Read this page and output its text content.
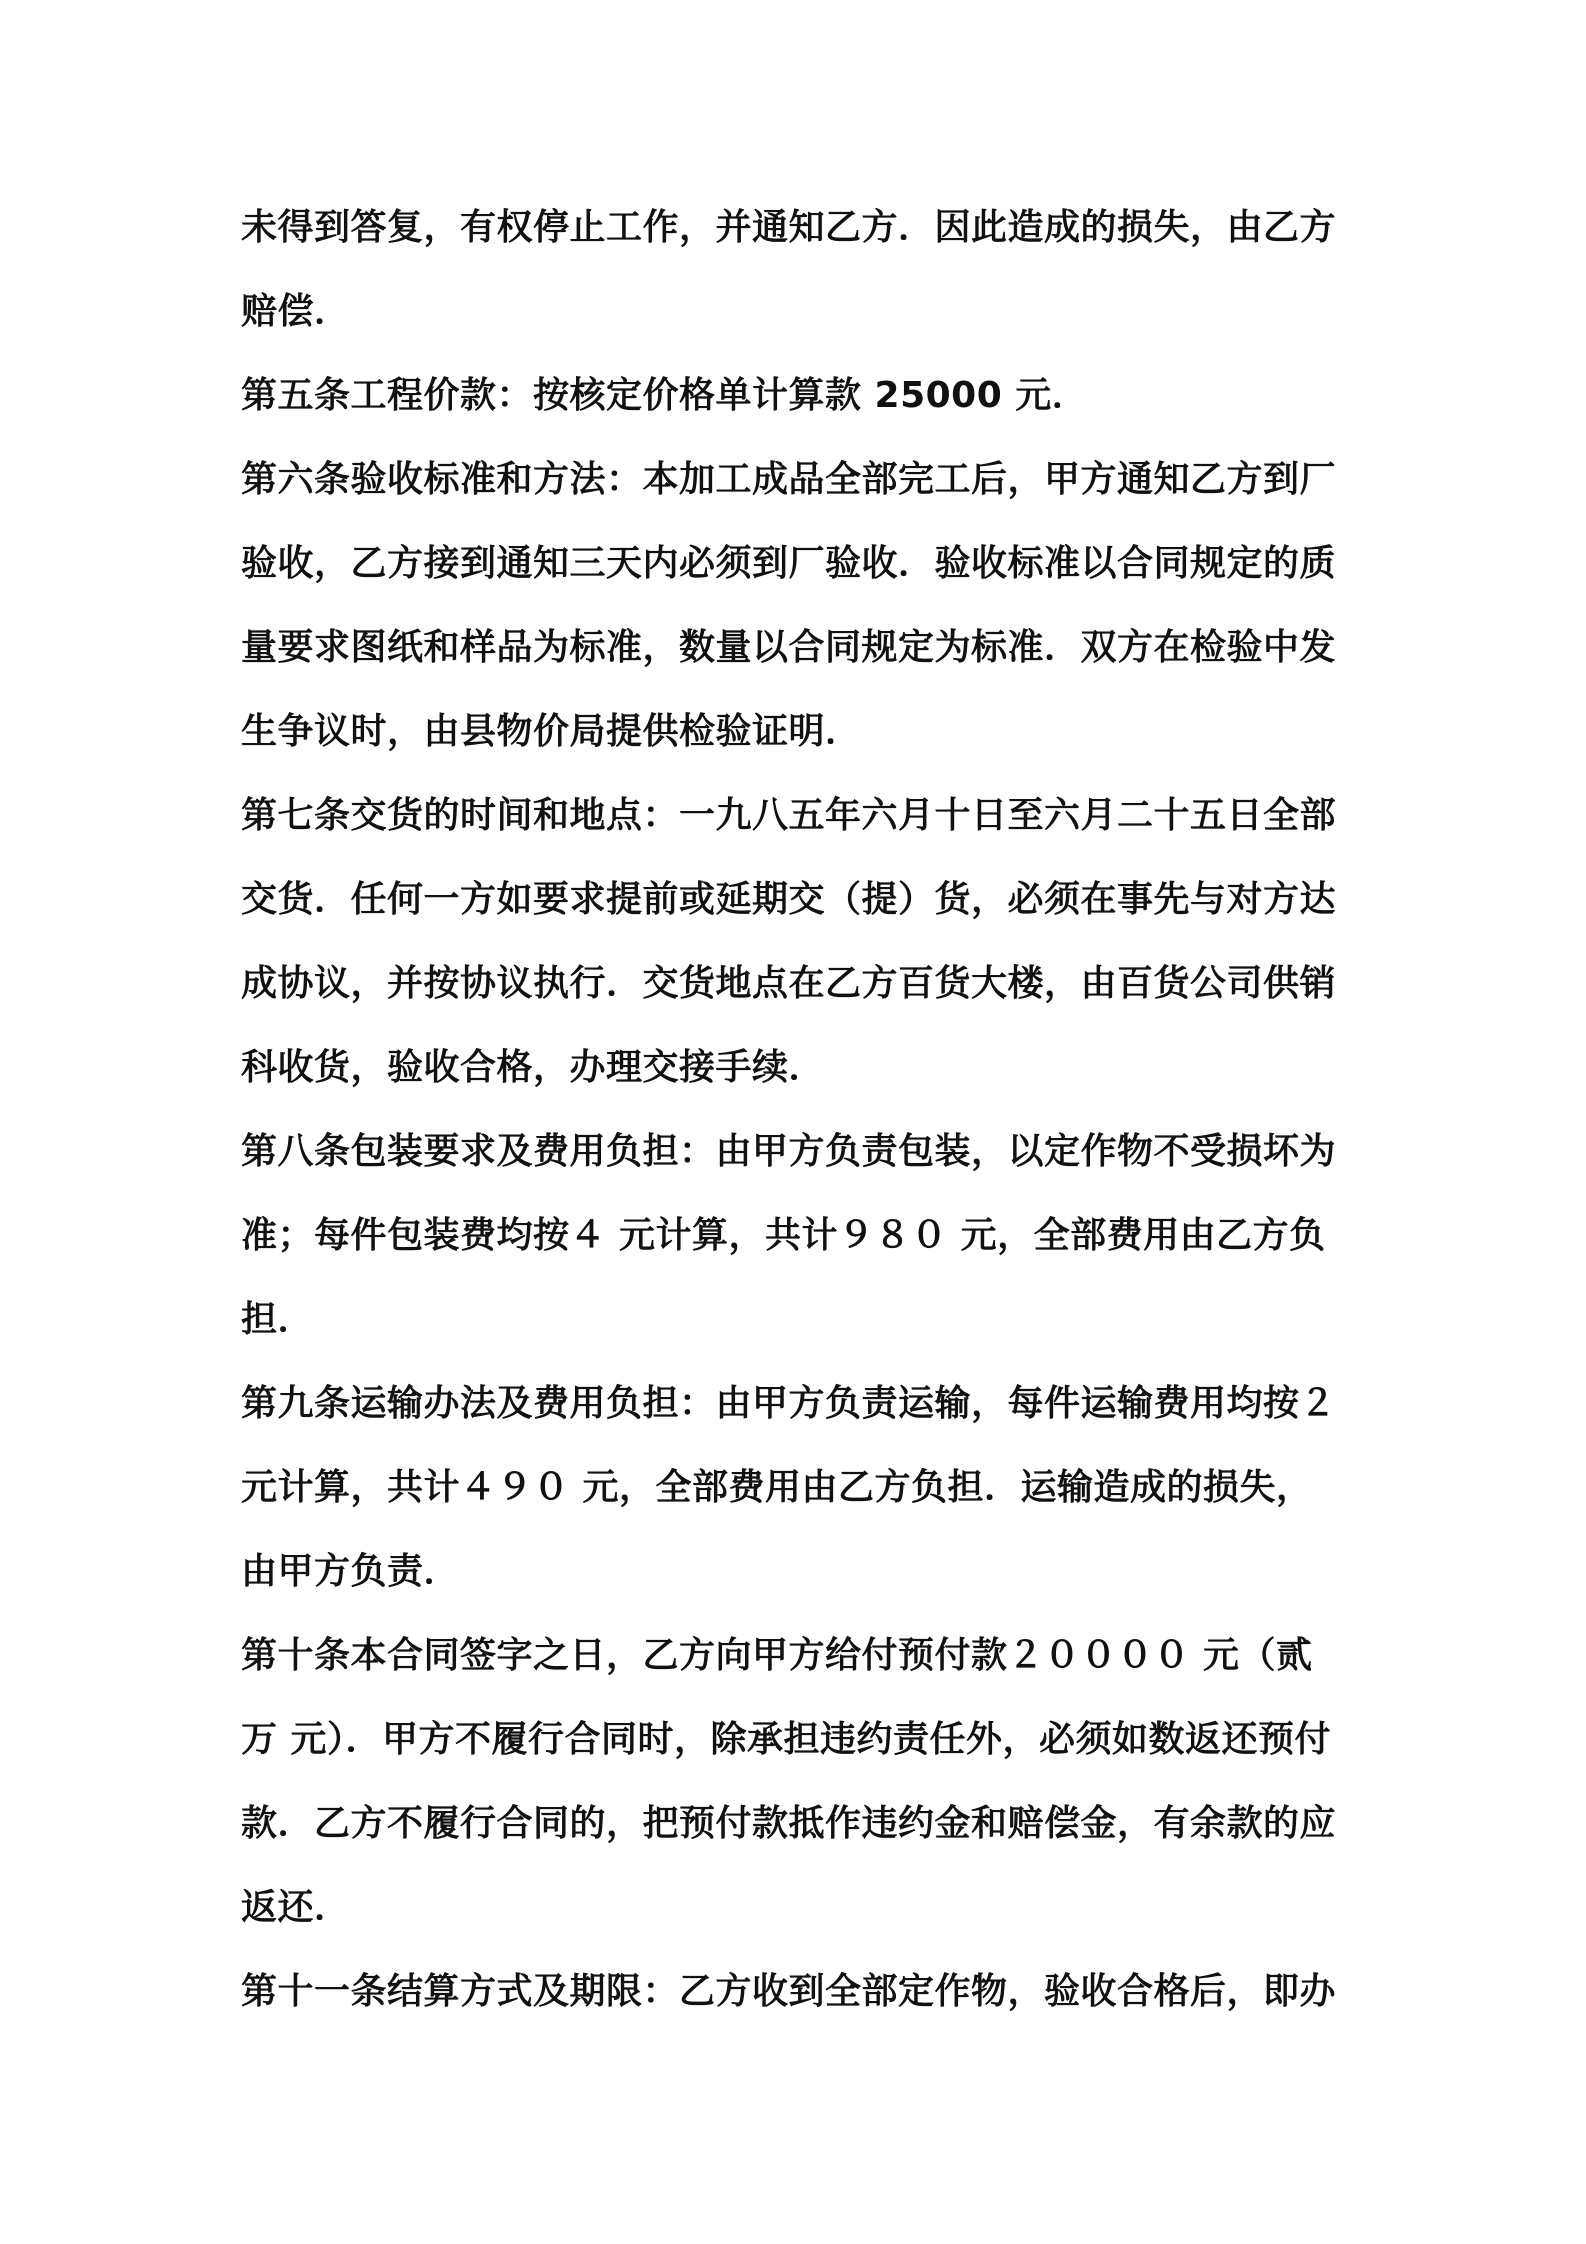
未得到答复，有权停止工作，并通知乙方．因此造成的损失，由乙方
赔偿．
第五条工程价款：按核定价格单计算款 25000 元．
第六条验收标准和方法：本加工成品全部完工后，甲方通知乙方到厂
验收，乙方接到通知三天内必须到厂验收．验收标准以合同规定的质
量要求图纸和样品为标准，数量以合同规定为标准．双方在检验中发
生争议时，由县物价局提供检验证明．
第七条交货的时间和地点：一九八五年六月十日至六月二十五日全部
交货．任何一方如要求提前或延期交（提）货，必须在事先与对方达
成协议，并按协议执行．交货地点在乙方百货大楼，由百货公司供销
科收货，验收合格，办理交接手续．
第八条包装要求及费用负担：由甲方负责包装，以定作物不受损坏为
准；每件包装费均按４ 元计算，共计９８０ 元，全部费用由乙方负
担．
第九条运输办法及费用负担：由甲方负责运输，每件运输费用均按２
元计算，共计４９０ 元，全部费用由乙方负担．运输造成的损失，
由甲方负责．
第十条本合同签字之日，乙方向甲方给付预付款２００００ 元（贰
万 元）．甲方不履行合同时，除承担违约责任外，必须如数返还预付
款．乙方不履行合同的，把预付款抵作违约金和赔偿金，有余款的应
返还．
第十一条结算方式及期限：乙方收到全部定作物，验收合格后，即办
